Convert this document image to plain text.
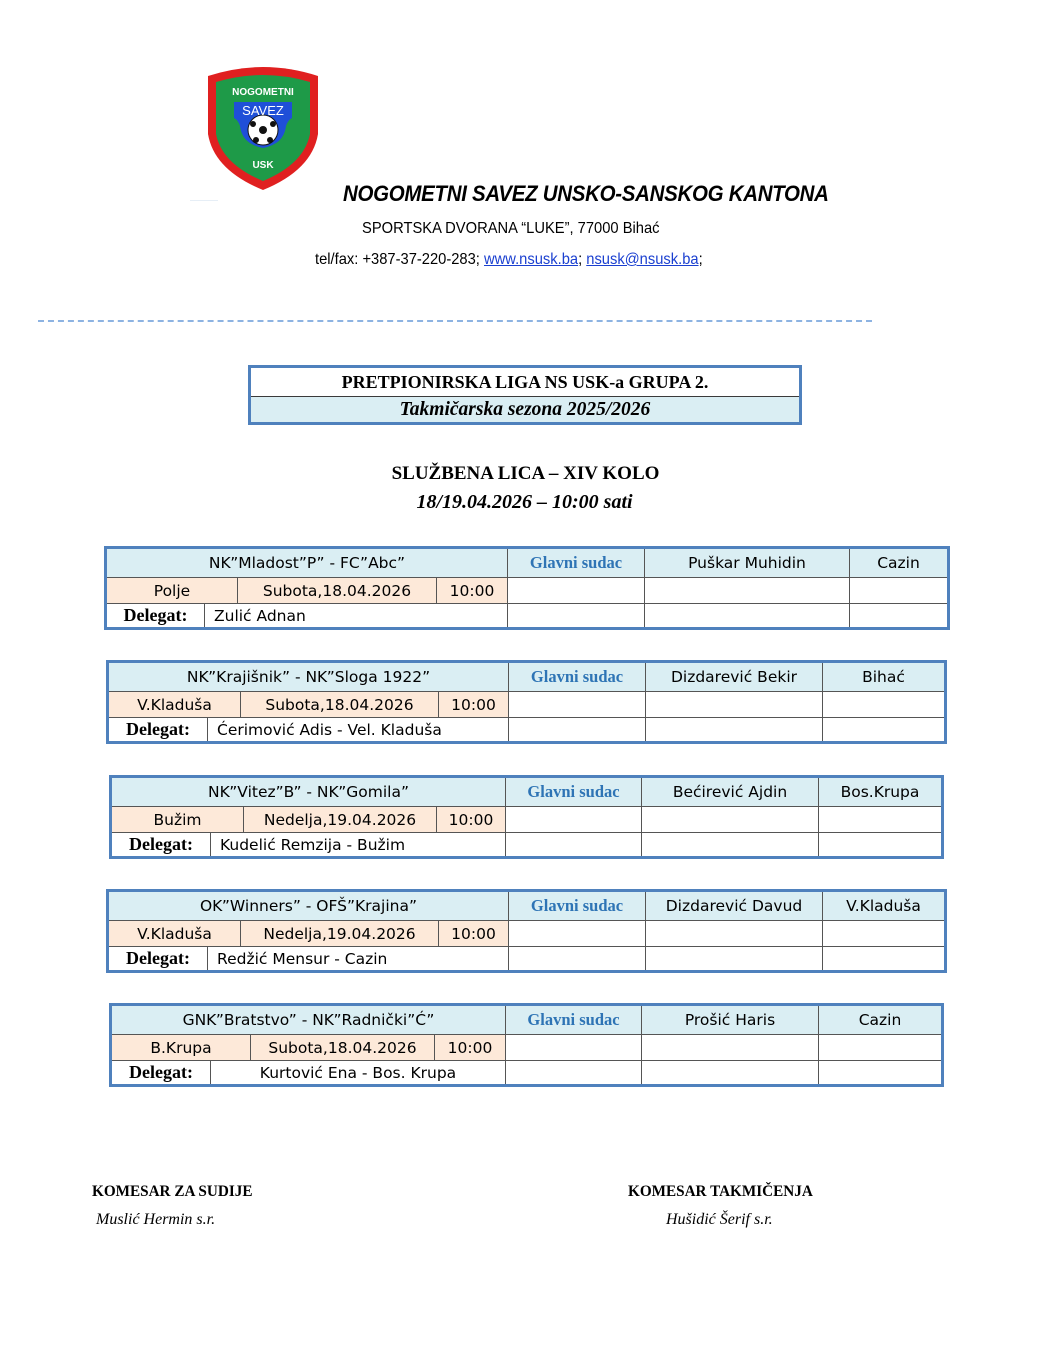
NOGOMETNI
SAVEZ
USK
NOGOMETNI SAVEZ UNSKO-SANSKOG KANTONA
SPORTSKA DVORANA “LUKE”, 77000 Bihać
tel/fax: +387-37-220-283; www.nsusk.ba; nsusk@nsusk.ba;
PRETPIONIRSKA LIGA NS USK-a GRUPA 2.
Takmičarska sezona 2025/2026
SLUŽBENA LICA – XIV KOLO
18/19.04.2026 – 10:00 sati
NK”Mladost”P” - FC”Abc”	Glavni sudac	Puškar Muhidin	Cazin
Polje	Subota,18.04.2026	10:00
Delegat:	Zulić Adnan
NK”Krajišnik” - NK”Sloga 1922”	Glavni sudac	Dizdarević Bekir	Bihać
V.Kladuša	Subota,18.04.2026	10:00
Delegat:	Ćerimović Adis - Vel. Kladuša
NK”Vitez”B” - NK”Gomila”	Glavni sudac	Bećirević Ajdin	Bos.Krupa
Bužim	Nedelja,19.04.2026	10:00
Delegat:	Kudelić Remzija - Bužim
OK”Winners” - OFŠ”Krajina”	Glavni sudac	Dizdarević Davud	V.Kladuša
V.Kladuša	Nedelja,19.04.2026	10:00
Delegat:	Redžić Mensur - Cazin
GNK”Bratstvo” - NK”Radnički”Ć”	Glavni sudac	Prošić Haris	Cazin
B.Krupa	Subota,18.04.2026	10:00
Delegat:	Kurtović Ena - Bos. Krupa
KOMESAR ZA SUDIJE
Muslić Hermin s.r.
KOMESAR TAKMIČENJA
Hušidić Šerif s.r.
